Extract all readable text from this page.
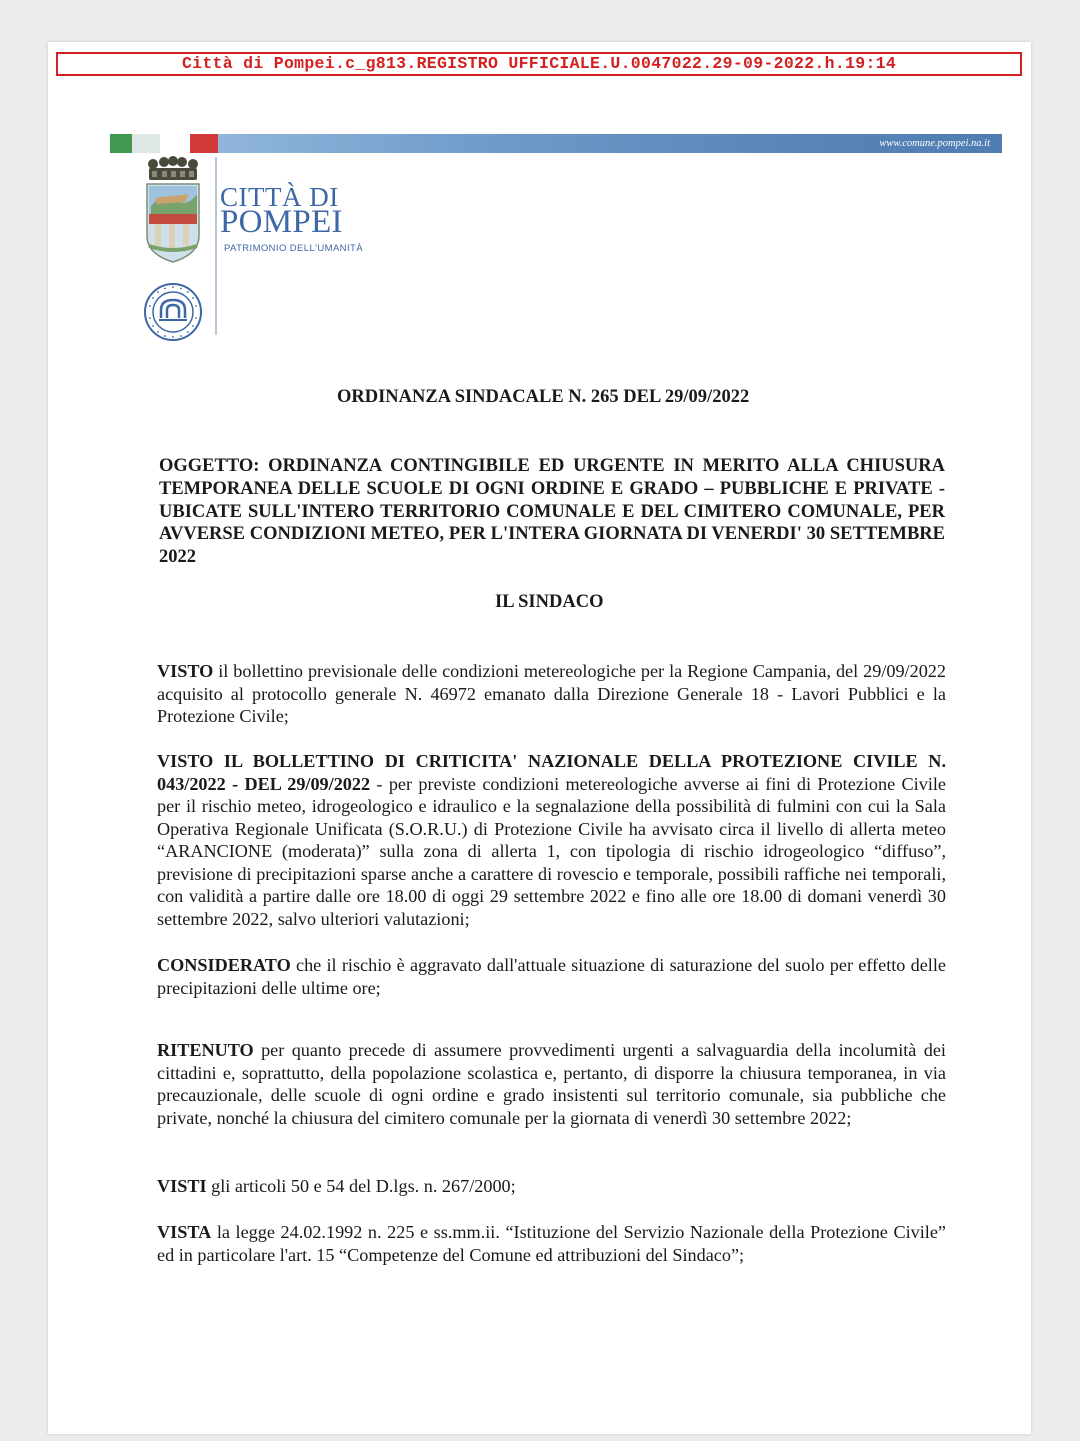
Città di Pompei.c_g813.REGISTRO UFFICIALE.U.0047022.29-09-2022.h.19:14
www.comune.pompei.na.it
CITTÀ DI
POMPEI
PATRIMONIO DELL'UMANITÀ
ORDINANZA SINDACALE N. 265 DEL 29/09/2022
OGGETTO: ORDINANZA CONTINGIBILE ED URGENTE IN MERITO ALLA CHIUSURA TEMPORANEA DELLE SCUOLE DI OGNI ORDINE E GRADO – PUBBLICHE E PRIVATE - UBICATE SULL'INTERO TERRITORIO COMUNALE E DEL CIMITERO COMUNALE, PER AVVERSE CONDIZIONI METEO, PER L'INTERA GIORNATA DI VENERDI' 30 SETTEMBRE 2022
IL SINDACO
VISTO il bollettino previsionale delle condizioni metereologiche per la Regione Campania, del 29/09/2022 acquisito al protocollo generale N. 46972 emanato dalla Direzione Generale 18 - Lavori Pubblici e la Protezione Civile;
VISTO IL BOLLETTINO DI CRITICITA' NAZIONALE DELLA PROTEZIONE CIVILE N. 043/2022 - DEL 29/09/2022 - per previste condizioni metereologiche avverse ai fini di Protezione Civile per il rischio meteo, idrogeologico e idraulico e la segnalazione della possibilità di fulmini con cui la Sala Operativa Regionale Unificata (S.O.R.U.) di Protezione Civile ha avvisato circa il livello di allerta meteo “ARANCIONE (moderata)” sulla zona di allerta 1, con tipologia di rischio idrogeologico “diffuso”, previsione di precipitazioni sparse anche a carattere di rovescio e temporale, possibili raffiche nei temporali, con validità a partire dalle ore 18.00 di oggi 29 settembre 2022 e fino alle ore 18.00 di domani venerdì 30 settembre 2022, salvo ulteriori valutazioni;
CONSIDERATO che il rischio è aggravato dall'attuale situazione di saturazione del suolo per effetto delle precipitazioni delle ultime ore;
RITENUTO per quanto precede di assumere provvedimenti urgenti a salvaguardia della incolumità dei cittadini e, soprattutto, della popolazione scolastica e, pertanto, di disporre la chiusura temporanea, in via precauzionale, delle scuole di ogni ordine e grado insistenti sul territorio comunale, sia pubbliche che private, nonché la chiusura del cimitero comunale per la giornata di venerdì 30 settembre 2022;
VISTI gli articoli 50 e 54 del D.lgs. n. 267/2000;
VISTA la legge 24.02.1992 n. 225 e ss.mm.ii. “Istituzione del Servizio Nazionale della Protezione Civile” ed in particolare l'art. 15 “Competenze del Comune ed attribuzioni del Sindaco”;
